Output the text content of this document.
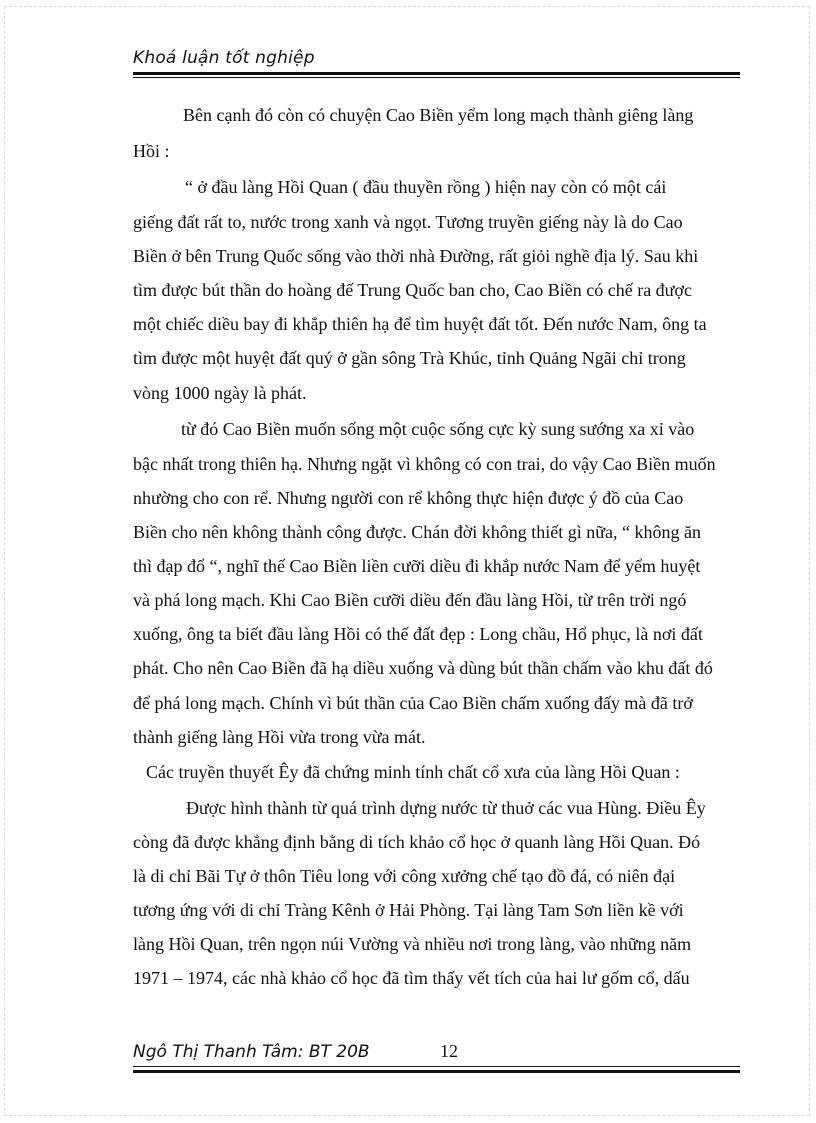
Khoá luận tốt nghiệp
Bên cạnh đó còn có chuyện Cao Biền yểm long mạch thành giêng làng
Hồi :
“ ở đầu làng Hồi Quan ( đầu thuyền rồng ) hiện nay còn có một cái
giếng đất rất to, nước trong xanh và ngọt. Tương truyền giếng này là do Cao
Biền ở bên Trung Quốc sống vào thời nhà Đường, rất giỏi nghề địa lý. Sau khi
tìm được bút thần do hoàng đế Trung Quốc ban cho, Cao Biền có chế ra được
một chiếc diều bay đi khắp thiên hạ để tìm huyệt đất tốt. Đến nước Nam, ông ta
tìm được một huyệt đất quý ở gần sông Trà Khúc, tỉnh Quảng Ngãi chỉ trong
vòng 1000 ngày là phát.
từ đó Cao Biền muốn sống một cuộc sống cực kỳ sung sướng xa xỉ vào
bậc nhất trong thiên hạ. Nhưng ngặt vì không có con trai, do vậy Cao Biền muốn
nhường cho con rể. Nhưng người con rể không thực hiện được ý đồ của Cao
Biền cho nên không thành công được. Chán đời không thiết gì nữa, “ không ăn
thì đạp đổ “, nghĩ thế Cao Biền liền cưỡi diều đi khắp nước Nam để yểm huyệt
và phá long mạch. Khi Cao Biền cưỡi diều đến đầu làng Hồi, từ trên trời ngó
xuống, ông ta biết đầu làng Hồi có thế đất đẹp : Long chầu, Hổ phục, là nơi đất
phát. Cho nên Cao Biền đã hạ diều xuống và dùng bút thần chấm vào khu đất đó
để phá long mạch. Chính vì bút thần của Cao Biền chấm xuống đấy mà đã trở
thành giếng làng Hồi vừa trong vừa mát.
Các truyền thuyết Êy đã chứng minh tính chất cổ xưa của làng Hồi Quan :
Được hình thành từ quá trình dựng nước từ thuở các vua Hùng. Điều Êy
còng đã được khẳng định bằng di tích khảo cổ học ở quanh làng Hồi Quan. Đó
là di chỉ Bãi Tự ở thôn Tiêu long với công xưởng chế tạo đồ đá, có niên đại
tương ứng với di chỉ Tràng Kênh ở Hải Phòng. Tại làng Tam Sơn liền kề với
làng Hồi Quan, trên ngọn núi Vường và nhiều nơi trong làng, vào những năm
1971 – 1974, các nhà khảo cổ học đã tìm thấy vết tích của hai lư gốm cổ, dấu
Ngô Thị Thanh Tâm: BT 20B	12
